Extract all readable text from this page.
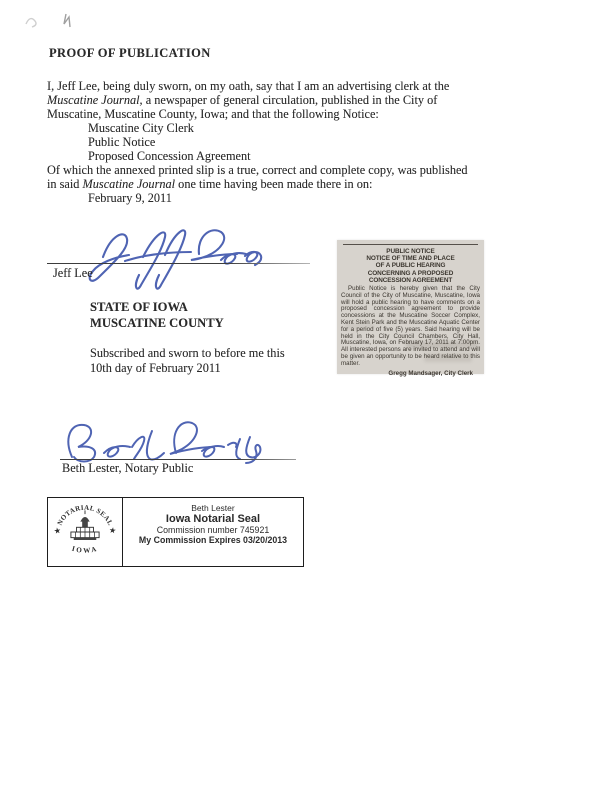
PROOF OF PUBLICATION
I, Jeff Lee, being duly sworn, on my oath, say that I am an advertising clerk at the
Muscatine Journal, a newspaper of general circulation, published in the City of
Muscatine, Muscatine County, Iowa; and that the following Notice:
Muscatine City Clerk
Public Notice
Proposed Concession Agreement
Of which the annexed printed slip is a true, correct and complete copy, was published
in said Muscatine Journal one time having been made there in on:
February 9, 2011
Jeff Lee
PUBLIC NOTICE
NOTICE OF TIME AND PLACE
OF A PUBLIC HEARING
CONCERNING A PROPOSED
CONCESSION AGREEMENT
Public Notice is hereby given that the City Council of the City of Muscatine, Muscatine, Iowa will hold a public hearing to have comments on a proposed concession agreement to provide concessions at the Muscatine Soccer Complex, Kent Stein Park and the Muscatine Aquatic Center for a period of five (5) years. Said hearing will be held in the City Council Chambers, City Hall, Muscatine, Iowa, on February 17, 2011 at 7:00pm. All interested persons are invited to attend and will be given an opportunity to be heard relative to this matter.
Gregg Mandsager, City Clerk
STATE OF IOWA
MUSCATINE COUNTY
Subscribed and sworn to before me this
10th day of February 2011
Beth Lester, Notary Public
★ NOTARIAL SEAL ★
IOWA
Beth Lester
Iowa Notarial Seal
Commission number 745921
My Commission Expires 03/20/2013
